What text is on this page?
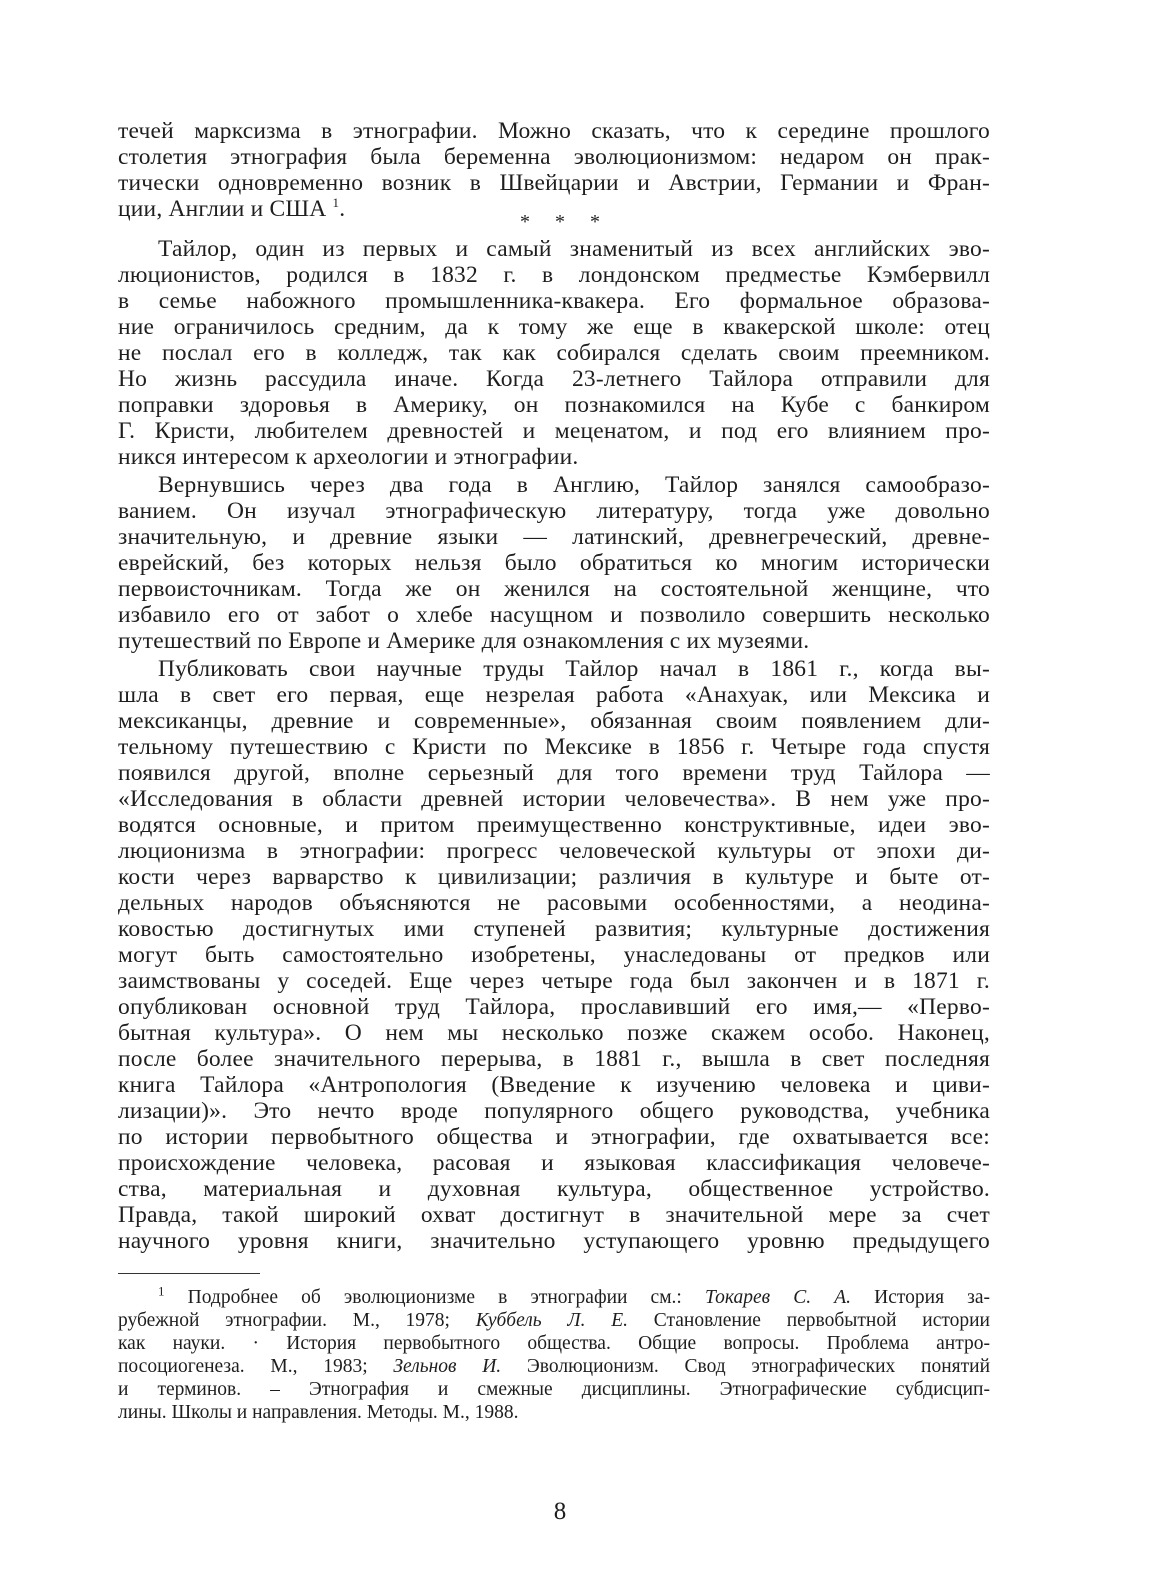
течей марксизма в этнографии. Можно сказать, что к середине прошлого
столетия этнография была беременна эволюционизмом: недаром он прак-
тически одновременно возник в Швейцарии и Австрии, Германии и Фран-
ции, Англии и США $^1$.	* * *
Тайлор, один из первых и самый знаменитый из всех английских эво-
люционистов, родился в 1832 г. в лондонском предместье Кэмбервилл
в семье набожного промышленника-квакера. Его формальное образова-
ние ограничилось средним, да к тому же еще в квакерской школе: отец
не послал его в колледж, так как собирался сделать своим преемником.
Но жизнь рассудила иначе. Когда 23-летнего Тайлора отправили для
поправки здоровья в Америку, он познакомился на Кубе с банкиром
Г. Кристи, любителем древностей и меценатом, и под его влиянием про-
никся интересом к археологии и этнографии.
Вернувшись через два года в Англию, Тайлор занялся самообразо-
ванием. Он изучал этнографическую литературу, тогда уже довольно
значительную, и древние языки — латинский, древнегреческий, древне-
еврейский, без которых нельзя было обратиться ко многим исторически
первоисточникам. Тогда же он женился на состоятельной женщине, что
избавило его от забот о хлебе насущном и позволило совершить несколько
путешествий по Европе и Америке для ознакомления с их музеями.
Публиковать свои научные труды Тайлор начал в 1861 г., когда вы-
шла в свет его первая, еще незрелая работа «Анахуак, или Мексика и
мексиканцы, древние и современные», обязанная своим появлением дли-
тельному путешествию с Кристи по Мексике в 1856 г. Четыре года спустя
появился другой, вполне серьезный для того времени труд Тайлора —
«Исследования в области древней истории человечества». В нем уже про-
водятся основные, и притом преимущественно конструктивные, идеи эво-
люционизма в этнографии: прогресс человеческой культуры от эпохи ди-
кости через варварство к цивилизации; различия в культуре и быте от-
дельных народов объясняются не расовыми особенностями, а неодина-
ковостью достигнутых ими ступеней развития; культурные достижения
могут быть самостоятельно изобретены, унаследованы от предков или
заимствованы у соседей. Еще через четыре года был закончен и в 1871 г.
опубликован основной труд Тайлора, прославивший его имя,— «Перво-
бытная культура». О нем мы несколько позже скажем особо. Наконец,
после более значительного перерыва, в 1881 г., вышла в свет последняя
книга Тайлора «Антропология (Введение к изучению человека и циви-
лизации)». Это нечто вроде популярного общего руководства, учебника
по истории первобытного общества и этнографии, где охватывается все:
происхождение человека, расовая и языковая классификация человече-
ства, материальная и духовная культура, общественное устройство.
Правда, такой широкий охват достигнут в значительной мере за счет
научного уровня книги, значительно уступающего уровню предыдущего
$^1$ Подробнее об эволюционизме в этнографии см.: Токарев С. А. История за-
рубежной этнографии. М., 1978; Куббель Л. Е. Становление первобытной истории
как науки. · История первобытного общества. Общие вопросы. Проблема антро-
посоциогенеза. М., 1983; Зельнов И. Эволюционизм. Свод этнографических понятий
и терминов. – Этнография и смежные дисциплины. Этнографические субдисцип-
лины. Школы и направления. Методы. М., 1988.
8
